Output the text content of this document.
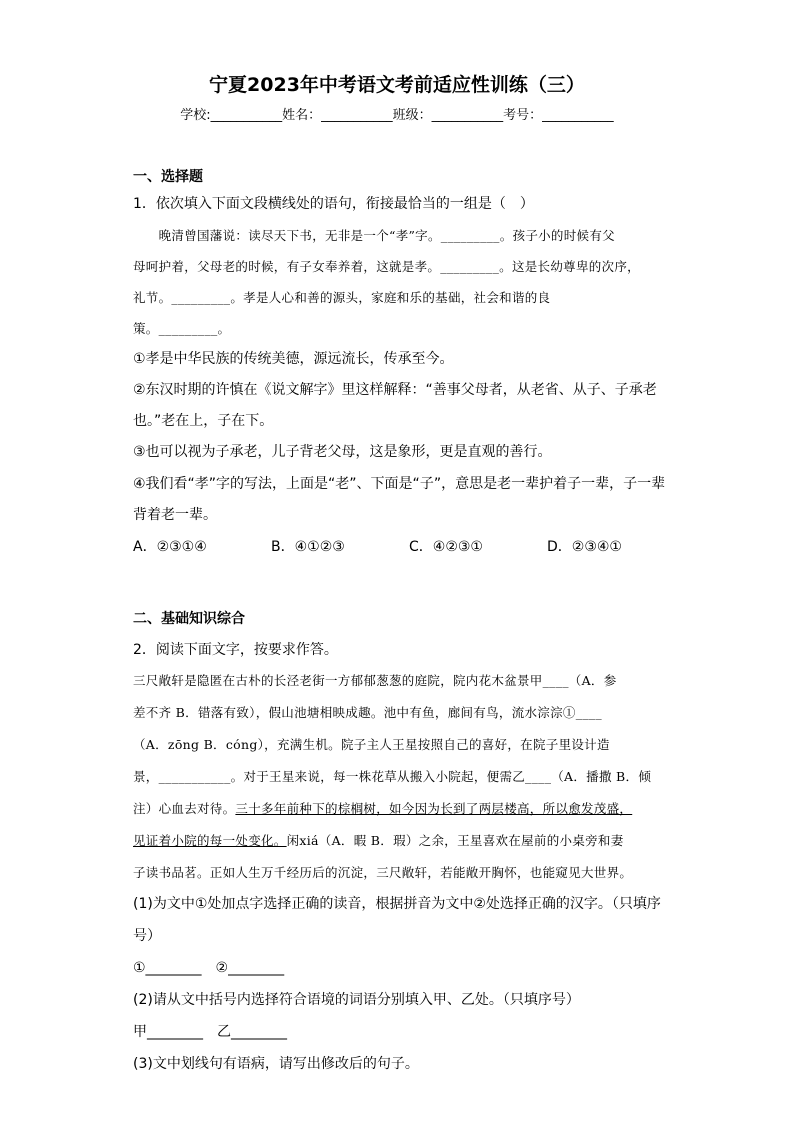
宁夏2023年中考语文考前适应性训练（三）
学校:___________姓名：___________班级：___________考号：___________
一、选择题
1．依次填入下面文段横线处的语句，衔接最恰当的一组是（　）
　　晚清曾国藩说：读尽天下书，无非是一个“孝”字。_________。孩子小的时候有父
母呵护着，父母老的时候，有子女奉养着，这就是孝。_________。这是长幼尊卑的次序，
礼节。_________。孝是人心和善的源头，家庭和乐的基础，社会和谐的良
策。_________。
①孝是中华民族的传统美德，源远流长，传承至今。
②东汉时期的许慎在《说文解字》里这样解释：“善事父母者，从老省、从子、子承老
也。”老在上，子在下。
③也可以视为子承老，儿子背老父母，这是象形，更是直观的善行。
④我们看“孝”字的写法，上面是“老”、下面是“子”，意思是老一辈护着子一辈，子一辈
背着老一辈。
A．②③①④	B．④①②③	C．④②③①	D．②③④①
二、基础知识综合
2．阅读下面文字，按要求作答。
三尺敞轩是隐匿在古朴的长泾老街一方郁郁葱葱的庭院，院内花木盆景甲____（A．参
差不齐 B．错落有致），假山池塘相映成趣。池中有鱼，廊间有鸟，流水淙淙①____
（A．zōng B．cóng），充满生机。院子主人王星按照自己的喜好，在院子里设计造
景，___________。对于王星来说，每一株花草从搬入小院起，便需乙____（A．播撒 B．倾
注）心血去对待。三十多年前种下的棕榈树，如今因为长到了两层楼高，所以愈发茂盛，
见证着小院的每一处变化。闲xiá（A．暇 B．瑕）之余，王星喜欢在屋前的小桌旁和妻
子读书品茗。正如人生万千经历后的沉淀，三尺敞轩，若能敞开胸怀，也能窥见大世界。
(1)为文中①处加点字选择正确的读音，根据拼音为文中②处选择正确的汉字。（只填序
号）
①________　②________
(2)请从文中括号内选择符合语境的词语分别填入甲、乙处。（只填序号）
甲________　乙________
(3)文中划线句有语病，请写出修改后的句子。
